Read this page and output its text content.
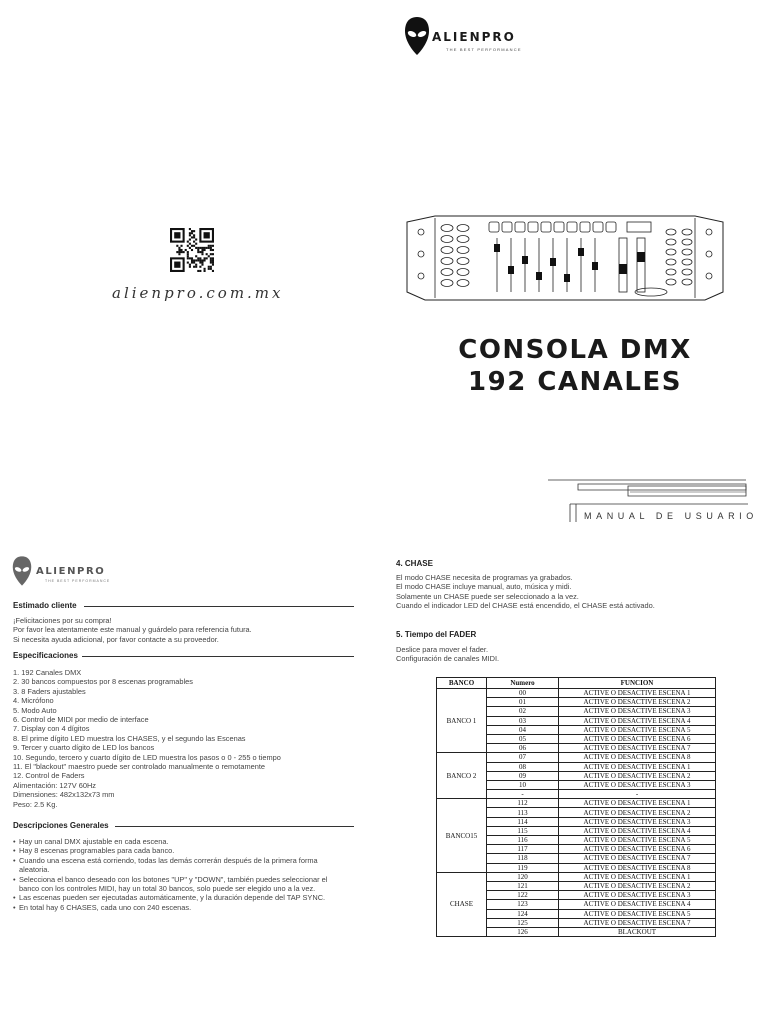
ALIENPRO
THE BEST PERFORMANCE
alienpro.com.mx
CONSOLA DMX
192 CANALES
MANUAL DE USUARIO
ALIENPRO
THE BEST PERFORMANCE
Estimado cliente
¡Felicitaciones por su compra!
Por favor lea atentamente este manual y guárdelo para referencia futura.
Si necesita ayuda adicional, por favor contacte a su proveedor.
Especificaciones
1. 192 Canales DMX
2. 30 bancos compuestos por 8 escenas programables
3. 8 Faders ajustables
4. Micrófono
5. Modo Auto
6. Control de MIDI por medio de interface
7. Display con 4 dígitos
8. El prime dígito LED muestra los CHASES, y el segundo las Escenas
9. Tercer y cuarto dígito de LED los bancos
10. Segundo, tercero y cuarto dígito de LED muestra los pasos o 0 - 255 o tiempo
11. El "blackout" maestro puede ser controlado manualmente o remotamente
12. Control de Faders
Alimentación: 127V 60Hz
Dimensiones: 482x132x73 mm
Peso: 2.5 Kg.
Descripciones Generales
• Hay un canal DMX ajustable en cada escena.
• Hay 8 escenas programables para cada banco.
• Cuando una escena está corriendo, todas las demás correrán después de la primera forma aleatoria.
• Selecciona el banco deseado con los botones "UP" y "DOWN", también puedes seleccionar el banco con los controles MIDI, hay un total 30 bancos, solo puede ser elegido uno a la vez.
• Las escenas pueden ser ejecutadas automáticamente, y la duración depende del TAP SYNC.
• En total hay 6 CHASES, cada uno con 240 escenas.
4. CHASE
El modo CHASE necesita de programas ya grabados.
El modo CHASE incluye manual, auto, música y midi.
Solamente un CHASE puede ser seleccionado a la vez.
Cuando el indicador LED del CHASE está encendido, el CHASE está activado.
5. Tiempo del FADER
Deslice para mover el fader.
Configuración de canales MIDI.
BANCO	Numero	FUNCION
BANCO 1	00	ACTIVE O DESACTIVE ESCENA 1
	01	ACTIVE O DESACTIVE ESCENA 2
	02	ACTIVE O DESACTIVE ESCENA 3
	03	ACTIVE O DESACTIVE ESCENA 4
	04	ACTIVE O DESACTIVE ESCENA 5
	05	ACTIVE O DESACTIVE ESCENA 6
	06	ACTIVE O DESACTIVE ESCENA 7
BANCO 2	07	ACTIVE O DESACTIVE ESCENA 8
	08	ACTIVE O DESACTIVE ESCENA 1
	09	ACTIVE O DESACTIVE ESCENA 2
	10	ACTIVE O DESACTIVE ESCENA 3
	-	-
BANCO15	112	ACTIVE O DESACTIVE ESCENA 1
	113	ACTIVE O DESACTIVE ESCENA 2
	114	ACTIVE O DESACTIVE ESCENA 3
	115	ACTIVE O DESACTIVE ESCENA 4
	116	ACTIVE O DESACTIVE ESCENA 5
	117	ACTIVE O DESACTIVE ESCENA 6
	118	ACTIVE O DESACTIVE ESCENA 7
	119	ACTIVE O DESACTIVE ESCENA 8
CHASE	120	ACTIVE O DESACTIVE ESCENA 1
	121	ACTIVE O DESACTIVE ESCENA 2
	122	ACTIVE O DESACTIVE ESCENA 3
	123	ACTIVE O DESACTIVE ESCENA 4
	124	ACTIVE O DESACTIVE ESCENA 5
	125	ACTIVE O DESACTIVE ESCENA 7
	126	BLACKOUT
